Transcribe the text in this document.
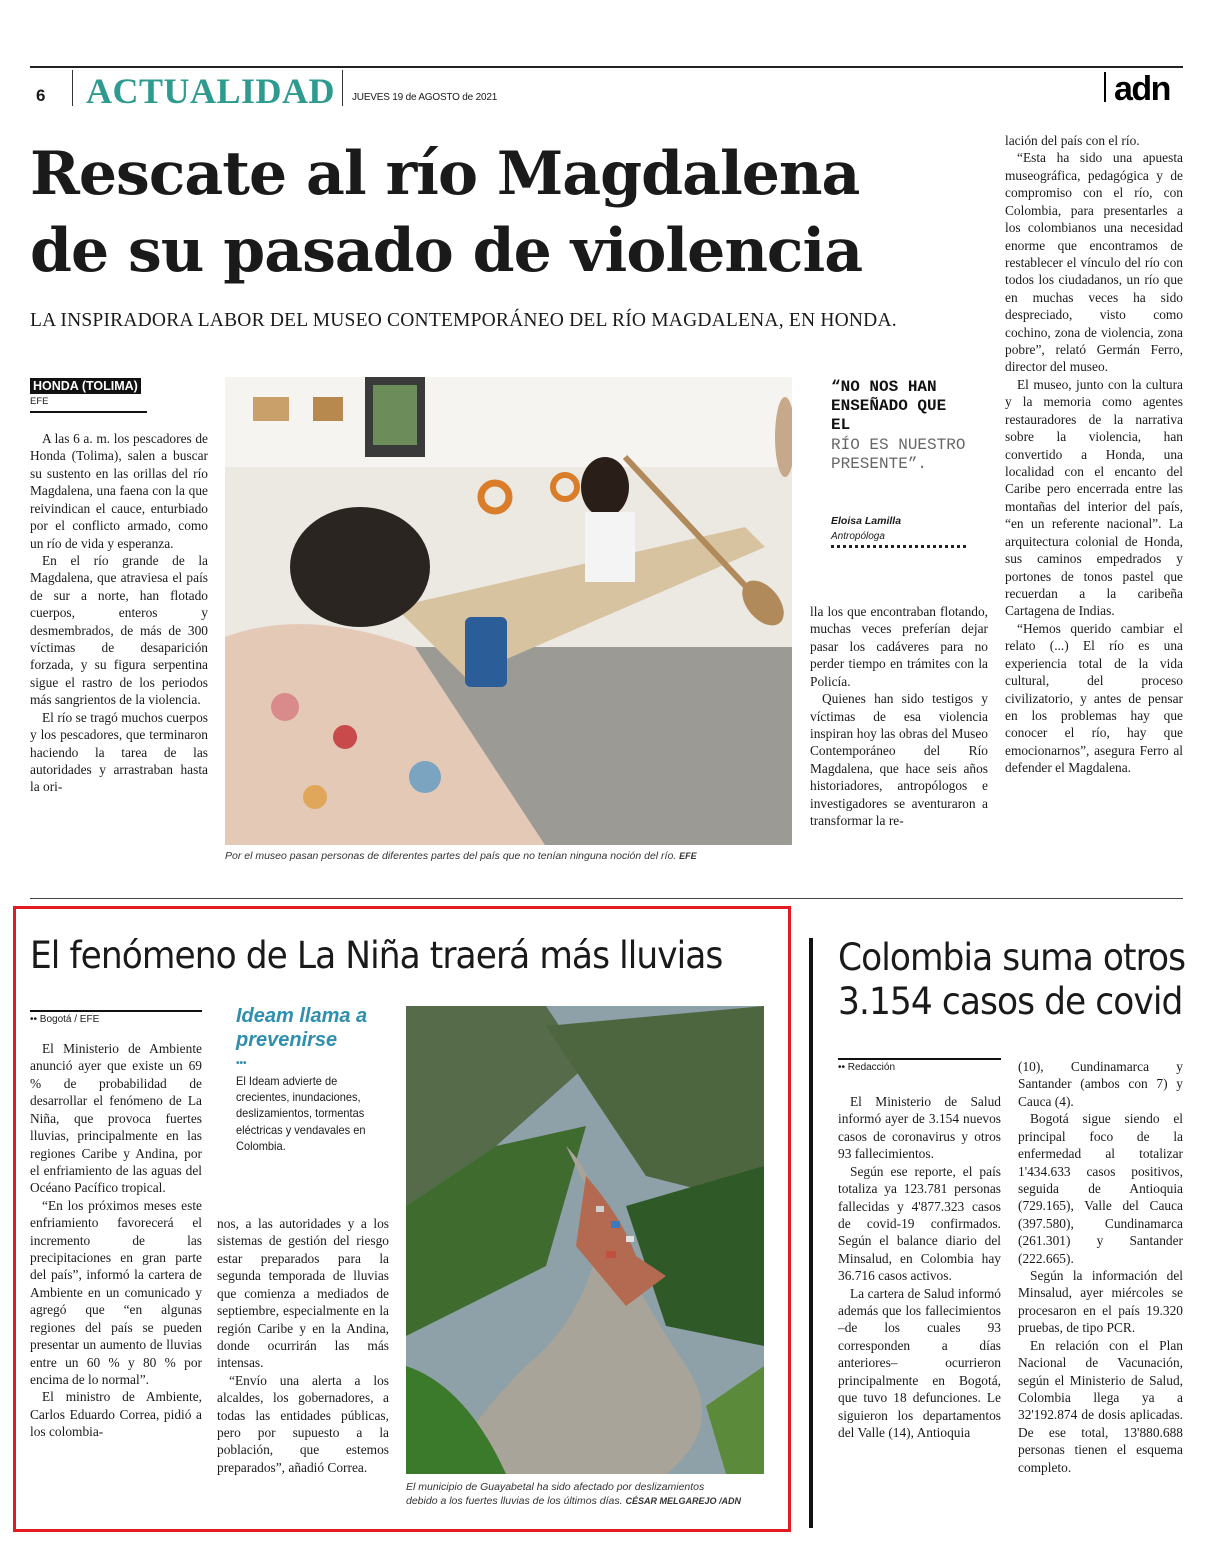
6 ACTUALIDAD JUEVES 19 de AGOSTO de 2021	adn
Rescate al río Magdalena
de su pasado de violencia
LA INSPIRADORA LABOR DEL MUSEO CONTEMPORÁNEO DEL RÍO MAGDALENA, EN HONDA.
HONDA (TOLIMA)
EFE

A las 6 a. m. los pescadores de Honda (Tolima), salen a buscar su sustento en las orillas del río Magdalena, una faena con la que reivindican el cauce, enturbiado por el conflicto armado, como un río de vida y esperanza.

En el río grande de la Magdalena, que atraviesa el país de sur a norte, han flotado cuerpos, enteros y desmembrados, de más de 300 víctimas de desaparición forzada, y su figura serpentina sigue el rastro de los periodos más sangrientos de la violencia.

El río se tragó muchos cuerpos y los pescadores, que terminaron haciendo la tarea de las autoridades y arrastraban hasta la ori-

Por el museo pasan personas de diferentes partes del país que no tenían ninguna noción del río. EFE
“NO NOS HAN ENSEÑADO QUE EL
RÍO ES NUESTRO PRESENTE”.
Eloisa Lamilla
Antropóloga

lla los que encontraban flotando, muchas veces preferían dejar pasar los cadáveres para no perder tiempo en trámites con la Policía.

Quienes han sido testigos y víctimas de esa violencia inspiran hoy las obras del Museo Contemporáneo del Río Magdalena, que hace seis años historiadores, antropólogos e investigadores se aventuraron a transformar la re-

lación del país con el río.

“Esta ha sido una apuesta museográfica, pedagógica y de compromiso con el río, con Colombia, para presentarles a los colombianos una necesidad enorme que encontramos de restablecer el vínculo del río con todos los ciudadanos, un río que en muchas veces ha sido despreciado, visto como cochino, zona de violencia, zona pobre”, relató Germán Ferro, director del museo.

El museo, junto con la cultura y la memoria como agentes restauradores de la narrativa sobre la violencia, han convertido a Honda, una localidad con el encanto del Caribe pero encerrada entre las montañas del interior del país, “en un referente nacional”. La arquitectura colonial de Honda, sus caminos empedrados y portones de tonos pastel que recuerdan a la caribeña Cartagena de Indias.

“Hemos querido cambiar el relato (...) El río es una experiencia total de la vida cultural, del proceso civilizatorio, y antes de pensar en los problemas hay que conocer el río, hay que emocionarnos”, asegura Ferro al defender el Magdalena.

El fenómeno de La Niña traerá más lluvias
•• Bogotá / EFE

El Ministerio de Ambiente anunció ayer que existe un 69 % de probabilidad de desarrollar el fenómeno de La Niña, que provoca fuertes lluvias, principalmente en las regiones Caribe y Andina, por el enfriamiento de las aguas del Océano Pacífico tropical.

“En los próximos meses este enfriamiento favorecerá el incremento de las precipitaciones en gran parte del país”, informó la cartera de Ambiente en un comunicado y agregó que “en algunas regiones del país se pueden presentar un aumento de lluvias entre un 60 % y 80 % por encima de lo normal”.

El ministro de Ambiente, Carlos Eduardo Correa, pidió a los colombia-

Ideam llama a prevenirse
•••
El Ideam advierte de crecientes, inundaciones, deslizamientos, tormentas eléctricas y vendavales en Colombia.

nos, a las autoridades y a los sistemas de gestión del riesgo estar preparados para la segunda temporada de lluvias que comienza a mediados de septiembre, especialmente en la región Caribe y en la Andina, donde ocurrirán las más intensas.

“Envío una alerta a los alcaldes, los gobernadores, a todas las entidades públicas, pero por supuesto a la población, que estemos preparados”, añadió Correa.

El municipio de Guayabetal ha sido afectado por deslizamientos
debido a los fuertes lluvias de los últimos días. CÉSAR MELGAREJO /ADN
Colombia suma otros
3.154 casos de covid
•• Redacción

El Ministerio de Salud informó ayer de 3.154 nuevos casos de coronavirus y otros 93 fallecimientos.

Según ese reporte, el país totaliza ya 123.781 personas fallecidas y 4'877.323 casos de covid-19 confirmados. Según el balance diario del Minsalud, en Colombia hay 36.716 casos activos.

La cartera de Salud informó además que los fallecimientos –de los cuales 93 corresponden a días anteriores– ocurrieron principalmente en Bogotá, que tuvo 18 defunciones. Le siguieron los departamentos del Valle (14), Antioquia

(10), Cundinamarca y Santander (ambos con 7) y Cauca (4).

Bogotá sigue siendo el principal foco de la enfermedad al totalizar 1'434.633 casos positivos, seguida de Antioquia (729.165), Valle del Cauca (397.580), Cundinamarca (261.301) y Santander (222.665).

Según la información del Minsalud, ayer miércoles se procesaron en el país 19.320 pruebas, de tipo PCR.

En relación con el Plan Nacional de Vacunación, según el Ministerio de Salud, Colombia llega ya a 32'192.874 de dosis aplicadas. De ese total, 13'880.688 personas tienen el esquema completo.
